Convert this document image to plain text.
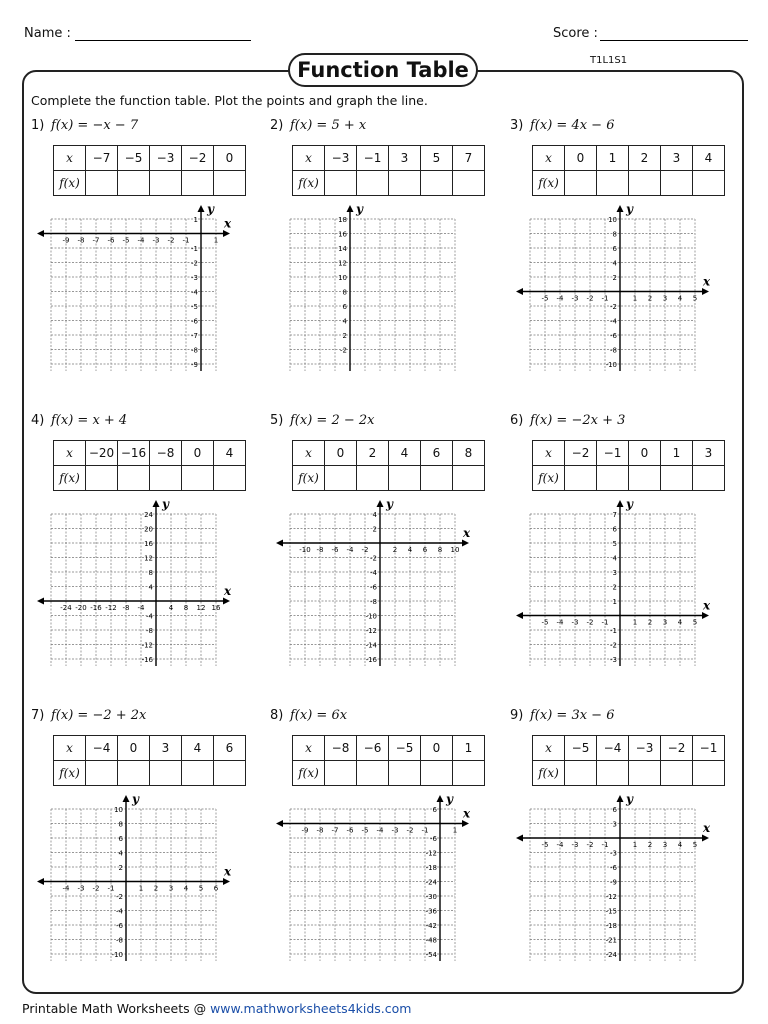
Name :	Score :
T1L1S1
Function Table
Complete the function table. Plot the points and graph the line.
1) f(x) = −x − 7
x	−7	−5	−3	−2	0
f(x)					
x
y
-9 -8 -7 -6 -5 -4 -3 -2 -1	1
1
-1
-2
-3
-4
-5
-6
-7
-8
-9
2) f(x) = 5 + x
x	−3	−1	3	5	7
f(x)					
y
18
16
14
12
10
8
6
4
2
-2
3) f(x) = 4x − 6
x	0	1	2	3	4
f(x)					
x
y
-5 -4 -3 -2 -1	1 2 3 4 5
10
8
6
4
2
-2
-4
-6
-8
-10
4) f(x) = x + 4
x	−20	−16	−8	0	4
f(x)					
x
y
-24 -20 -16 -12 -8 -4	4 8 12 16
24
20
16
12
8
4
-4
-8
-12
-16
5) f(x) = 2 − 2x
x	0	2	4	6	8
f(x)					
x
y
-10 -8 -6 -4 -2	2 4 6 8 10
4
2
-2
-4
-6
-8
-10
-12
-14
-16
6) f(x) = −2x + 3
x	−2	−1	0	1	3
f(x)					
x
y
-5 -4 -3 -2 -1	1 2 3 4 5
7
6
5
4
3
2
1
-1
-2
-3
7) f(x) = −2 + 2x
x	−4	0	3	4	6
f(x)					
x
y
-4 -3 -2 -1	1 2 3 4 5 6
10
8
6
4
2
-2
-4
-6
-8
-10
8) f(x) = 6x
x	−8	−6	−5	0	1
f(x)					
x
y
-9 -8 -7 -6 -5 -4 -3 -2 -1	1
6
-6
-12
-18
-24
-30
-36
-42
-48
-54
9) f(x) = 3x − 6
x	−5	−4	−3	−2	−1
f(x)					
x
y
-5 -4 -3 -2 -1	1 2 3 4 5
6
3
-3
-6
-9
-12
-15
-18
-21
-24
Printable Math Worksheets @ www.mathworksheets4kids.com
